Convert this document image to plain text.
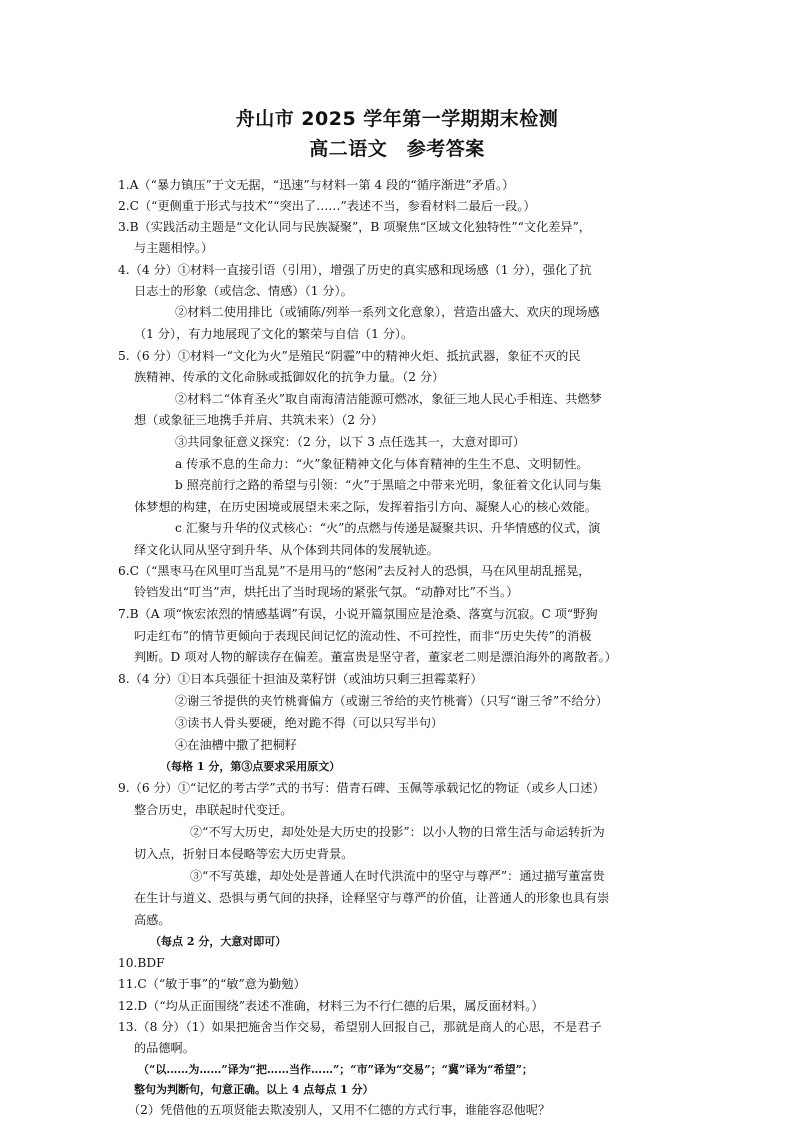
舟山市 2025 学年第一学期期末检测
高二语文　参考答案
1.A（“暴力镇压”于文无据，“迅速”与材料一第 4 段的“循序渐进”矛盾。）
2.C（“更侧重于形式与技术”“突出了……”表述不当，参看材料二最后一段。）
3.B（实践活动主题是“文化认同与民族凝聚”，B 项聚焦“区域文化独特性”“文化差异”，
与主题相悖。）
4.（4 分）①材料一直接引语（引用），增强了历史的真实感和现场感（1 分），强化了抗
日志士的形象（或信念、情感）（1 分）。
②材料二使用排比（或铺陈/列举一系列文化意象），营造出盛大、欢庆的现场感
（1 分），有力地展现了文化的繁荣与自信（1 分）。
5.（6 分）①材料一“文化为火”是殖民“阴霾”中的精神火炬、抵抗武器，象征不灭的民
族精神、传承的文化命脉或抵御奴化的抗争力量。（2 分）
②材料二“体育圣火”取自南海清洁能源可燃冰，象征三地人民心手相连、共燃梦
想（或象征三地携手并肩、共筑未来）（2 分）
③共同象征意义探究：（2 分，以下 3 点任选其一，大意对即可）
a 传承不息的生命力：“火”象征精神文化与体育精神的生生不息、文明韧性。
b 照亮前行之路的希望与引领：“火”于黑暗之中带来光明，象征着文化认同与集
体梦想的构建，在历史困境或展望未来之际，发挥着指引方向、凝聚人心的核心效能。
c 汇聚与升华的仪式核心：“火”的点燃与传递是凝聚共识、升华情感的仪式，演
绎文化认同从坚守到升华、从个体到共同体的发展轨迹。
6.C（“黑枣马在风里叮当乱晃”不是用马的“悠闲”去反衬人的恐惧，马在风里胡乱摇晃，
铃铛发出“叮当”声，烘托出了当时现场的紧张气氛。“动静对比”不当。）
7.B（A 项“恢宏浓烈的情感基调”有误，小说开篇氛围应是沧桑、落寞与沉寂。C 项“野狗
叼走红布”的情节更倾向于表现民间记忆的流动性、不可控性，而非“历史失传”的消极
判断。D 项对人物的解读存在偏差。董富贵是坚守者，董家老二则是漂泊海外的离散者。）
8.（4 分）①日本兵强征十担油及菜籽饼（或油坊只剩三担霉菜籽）
②谢三爷提供的夹竹桃膏偏方（或谢三爷给的夹竹桃膏）（只写“谢三爷”不给分）
③读书人骨头要硬，绝对跪不得（可以只写半句）
④在油槽中撒了把桐籽
（每格 1 分，第③点要求采用原文）
9.（6 分）①“记忆的考古学”式的书写：借青石碑、玉佩等承载记忆的物证（或乡人口述）
整合历史，串联起时代变迁。
②“不写大历史，却处处是大历史的投影”：以小人物的日常生活与命运转折为
切入点，折射日本侵略等宏大历史背景。
③“不写英雄，却处处是普通人在时代洪流中的坚守与尊严”：通过描写董富贵
在生计与道义、恐惧与勇气间的抉择，诠释坚守与尊严的价值，让普通人的形象也具有崇
高感。
（每点 2 分，大意对即可）
10.BDF
11.C（“敏于事”的“敏”意为勤勉）
12.D（“均从正面围绕”表述不准确，材料三为不行仁德的后果，属反面材料。）
13.（8 分）（1）如果把施舍当作交易，希望别人回报自己，那就是商人的心思，不是君子
的品德啊。
（“以……为……”译为“把……当作……”；“市”译为“交易”；“冀”译为“希望”；
整句为判断句，句意正确。以上 4 点每点 1 分）
（2）凭借他的五项贤能去欺凌别人，又用不仁德的方式行事，谁能容忍他呢？
